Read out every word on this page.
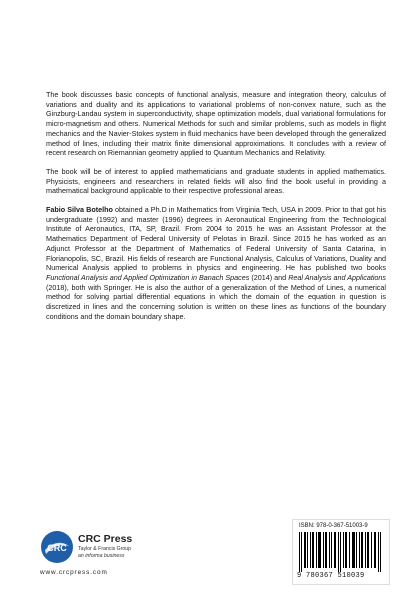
The book discusses basic concepts of functional analysis, measure and integration theory, calculus of variations and duality and its applications to variational problems of non-convex nature, such as the Ginzburg-Landau system in superconductivity, shape optimization models, dual variational formulations for micro-magnetism and others. Numerical Methods for such and similar problems, such as models in flight mechanics and the Navier-Stokes system in fluid mechanics have been developed through the generalized method of lines, including their matrix finite dimensional approximations. It concludes with a review of recent research on Riemannian geometry applied to Quantum Mechanics and Relativity.

The book will be of interest to applied mathematicians and graduate students in applied mathematics. Physicists, engineers and researchers in related fields will also find the book useful in providing a mathematical background applicable to their respective professional areas.

Fabio Silva Botelho obtained a Ph.D in Mathematics from Virginia Tech, USA in 2009. Prior to that got his undergraduate (1992) and master (1996) degrees in Aeronautical Engineering from the Technological Institute of Aeronautics, ITA, SP, Brazil. From 2004 to 2015 he was an Assistant Professor at the Mathematics Department of Federal University of Pelotas in Brazil. Since 2015 he has worked as an Adjunct Professor at the Department of Mathematics of Federal University of Santa Catarina, in Florianopolis, SC, Brazil. His fields of research are Functional Analysis, Calculus of Variations, Duality and Numerical Analysis applied to problems in physics and engineering. He has published two books Functional Analysis and Applied Optimization in Banach Spaces (2014) and Real Analysis and Applications (2018), both with Springer. He is also the author of a generalization of the Method of Lines, a numerical method for solving partial differential equations in which the domain of the equation in question is discretized in lines and the concerning solution is written on these lines as functions of the boundary conditions and the domain boundary shape.

CRC
CRC Press
Taylor & Francis Group
an informa business
www.crcpress.com
ISBN: 978-0-367-51003-9
9 780367 510039
